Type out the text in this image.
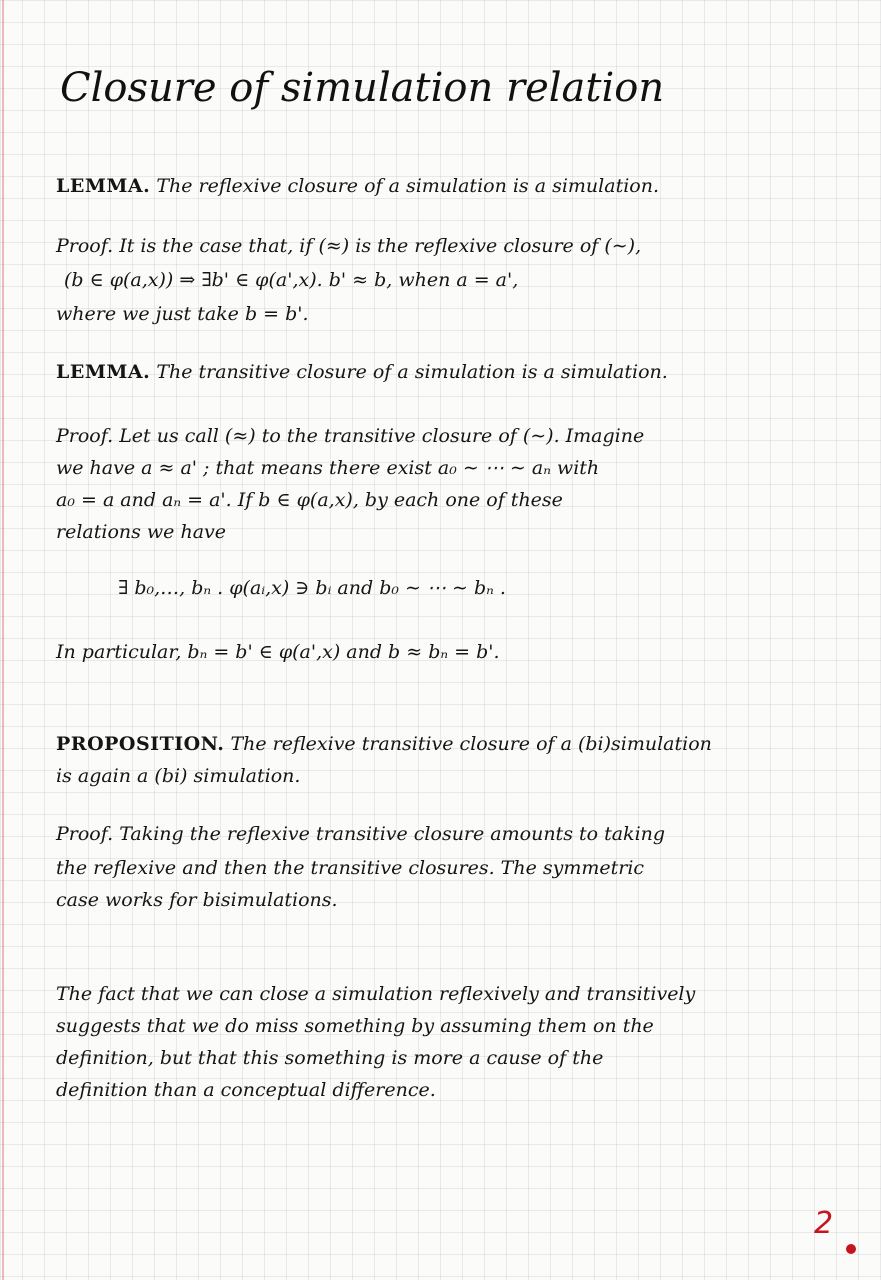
Closure of simulation relation
LEMMA. The reflexive closure of a simulation is a simulation.
Proof. It is the case that, if (≈) is the reflexive closure of (∼),
(b ∈ φ(a,x)) ⇒ ∃b' ∈ φ(a',x). b' ≈ b, when a = a',
where we just take b = b'.
LEMMA. The transitive closure of a simulation is a simulation.
Proof. Let us call (≈) to the transitive closure of (∼). Imagine
we have a ≈ a' ; that means there exist a₀ ∼ ⋯ ∼ aₙ with
a₀ = a and aₙ = a'. If b ∈ φ(a,x), by each one of these
relations we have
∃ b₀,…, bₙ . φ(aᵢ,x) ∋ bᵢ and b₀ ∼ ⋯ ∼ bₙ .
In particular, bₙ = b' ∈ φ(a',x) and b ≈ bₙ = b'.
PROPOSITION. The reflexive transitive closure of a (bi)simulation
is again a (bi) simulation.
Proof. Taking the reflexive transitive closure amounts to taking
the reflexive and then the transitive closures. The symmetric
case works for bisimulations.
The fact that we can close a simulation reflexively and transitively
suggests that we do miss something by assuming them on the
definition, but that this something is more a cause of the
definition than a conceptual difference.
2
